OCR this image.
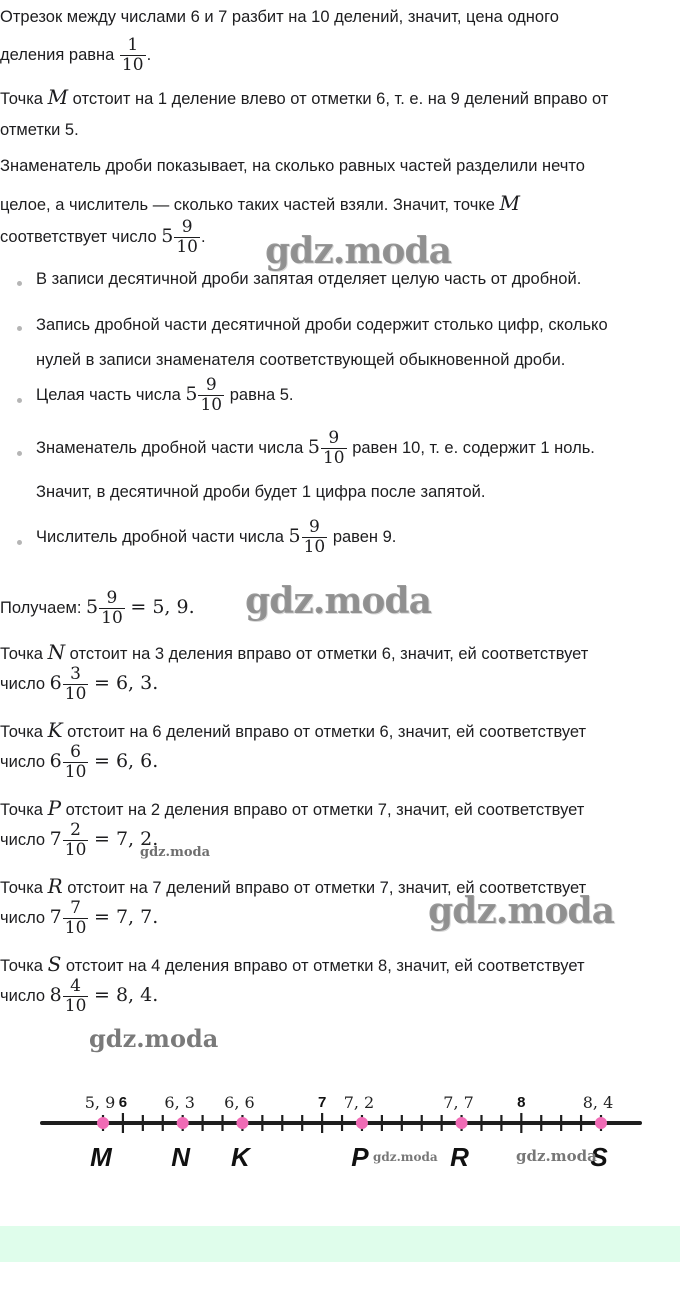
Отрезок между числами 6 и 7 разбит на 10 делений, значит, цена одного
деления равна $\frac{1}{10}$ .
Точка M отстоит на 1 деление влево от отметки 6, т. е. на 9 делений вправо от
отметки 5.
Знаменатель дроби показывает, на сколько равных частей разделили нечто
целое, а числитель — сколько таких частей взяли. Значит, точке M
соответствует число $5 \frac{9}{10}$ .
В записи десятичной дроби запятая отделяет целую часть от дробной.
Запись дробной части десятичной дроби содержит столько цифр, сколько
нулей в записи знаменателя соответствующей обыкновенной дроби.
Целая часть числа $5 \frac{9}{10}$ равна 5.
Знаменатель дробной части числа $5 \frac{9}{10}$ равен 10, т. е. содержит 1 ноль.
Значит, в десятичной дроби будет 1 цифра после запятой.
Числитель дробной части числа $5 \frac{9}{10}$ равен 9.
Получаем: $5 \frac{9}{10} = 5$, 9.
Точка N отстоит на 3 деления вправо от отметки 6, значит, ей соответствует
число $6 \frac{3}{10} = 6$, 3.
Точка K отстоит на 6 делений вправо от отметки 6, значит, ей соответствует
число $6 \frac{6}{10} = 6$, 6.
Точка P отстоит на 2 деления вправо от отметки 7, значит, ей соответствует
число $7 \frac{2}{10} = 7$, 2.
Точка R отстоит на 7 делений вправо от отметки 7, значит, ей соответствует
число $7 \frac{7}{10} = 7$, 7.
Точка S отстоит на 4 деления вправо от отметки 8, значит, ей соответствует
число $8 \frac{4}{10} = 8$, 4.
gdz.moda
gdz.moda
gdz.moda
gdz.moda
gdz.moda
6	7	8
5, 9
M
6, 3
N
6, 6
K
7, 2
P
7, 7
R
8, 4
S
gdz.moda	gdz.moda
